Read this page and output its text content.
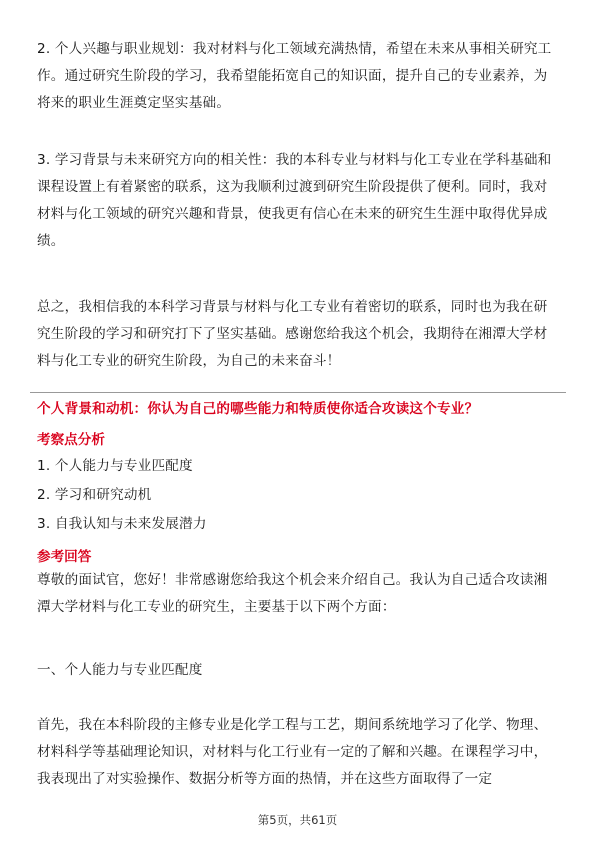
2. 个人兴趣与职业规划：我对材料与化工领域充满热情，希望在未来从事相关研究工作。通过研究生阶段的学习，我希望能拓宽自己的知识面，提升自己的专业素养，为将来的职业生涯奠定坚实基础。

3. 学习背景与未来研究方向的相关性：我的本科专业与材料与化工专业在学科基础和课程设置上有着紧密的联系，这为我顺利过渡到研究生阶段提供了便利。同时，我对材料与化工领域的研究兴趣和背景，使我更有信心在未来的研究生生涯中取得优异成绩。

总之，我相信我的本科学习背景与材料与化工专业有着密切的联系，同时也为我在研究生阶段的学习和研究打下了坚实基础。感谢您给我这个机会，我期待在湘潭大学材料与化工专业的研究生阶段，为自己的未来奋斗！

个人背景和动机：你认为自己的哪些能力和特质使你适合攻读这个专业？

考察点分析

1. 个人能力与专业匹配度

2. 学习和研究动机

3. 自我认知与未来发展潜力

参考回答

尊敬的面试官，您好！非常感谢您给我这个机会来介绍自己。我认为自己适合攻读湘潭大学材料与化工专业的研究生，主要基于以下两个方面：

一、个人能力与专业匹配度

首先，我在本科阶段的主修专业是化学工程与工艺，期间系统地学习了化学、物理、材料科学等基础理论知识，对材料与化工行业有一定的了解和兴趣。在课程学习中，我表现出了对实验操作、数据分析等方面的热情，并在这些方面取得了一定

第5页，共61页
